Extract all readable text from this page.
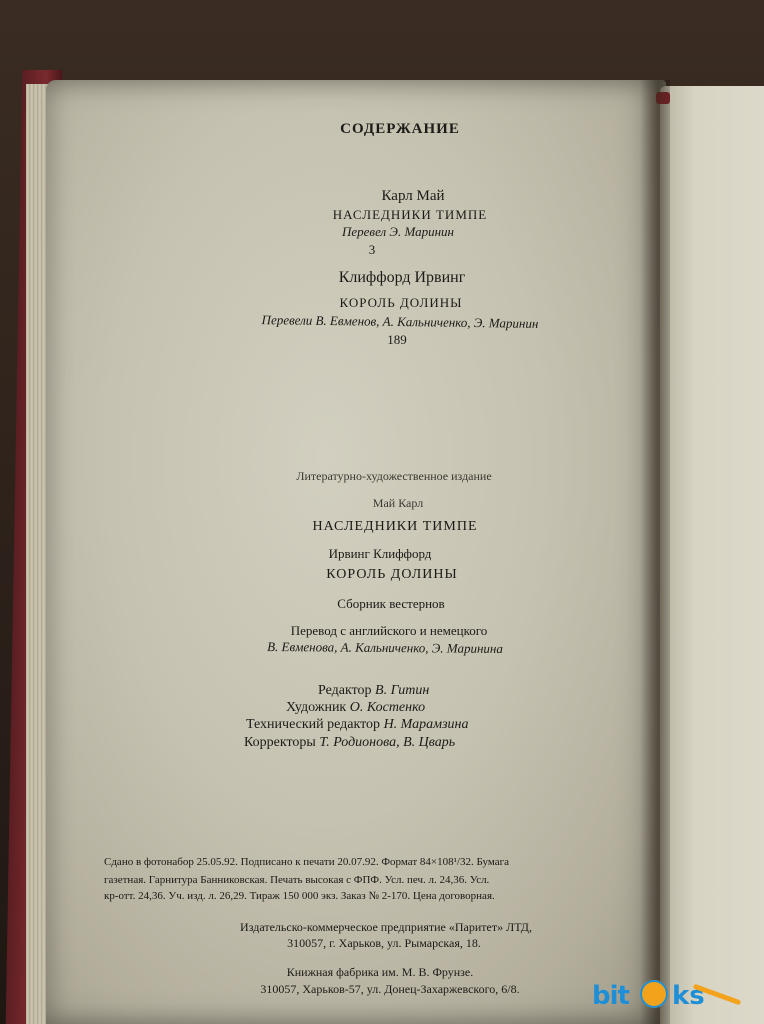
СОДЕРЖАНИЕ
Карл Май
НАСЛЕДНИКИ ТИМПЕ
Перевел Э. Маринин
3
Клиффорд Ирвинг
КОРОЛЬ ДОЛИНЫ
Перевели В. Евменов, А. Кальниченко, Э. Маринин
189
Литературно-художественное издание
Май Карл
НАСЛЕДНИКИ ТИМПЕ
Ирвинг Клиффорд
КОРОЛЬ ДОЛИНЫ
Сборник вестернов
Перевод с английского и немецкого
В. Евменова, А. Кальниченко, Э. Маринина
Редактор В. Гитин
Художник О. Костенко
Технический редактор Н. Марамзина
Корректоры Т. Родионова, В. Цварь
Сдано в фотонабор 25.05.92. Подписано к печати 20.07.92. Формат 84×108¹/32. Бумага
газетная. Гарнитура Банниковская. Печать высокая с ФПФ. Усл. печ. л. 24,36. Усл.
кр-отт. 24,36. Уч. изд. л. 26,29. Тираж 150 000 экз. Заказ № 2-170. Цена договорная.
Издательско-коммерческое предприятие «Паритет» ЛТД,
310057, г. Харьков, ул. Рымарская, 18.
Книжная фабрика им. М. В. Фрунзе.
310057, Харьков-57, ул. Донец-Захаржевского, 6/8.	bit ks
